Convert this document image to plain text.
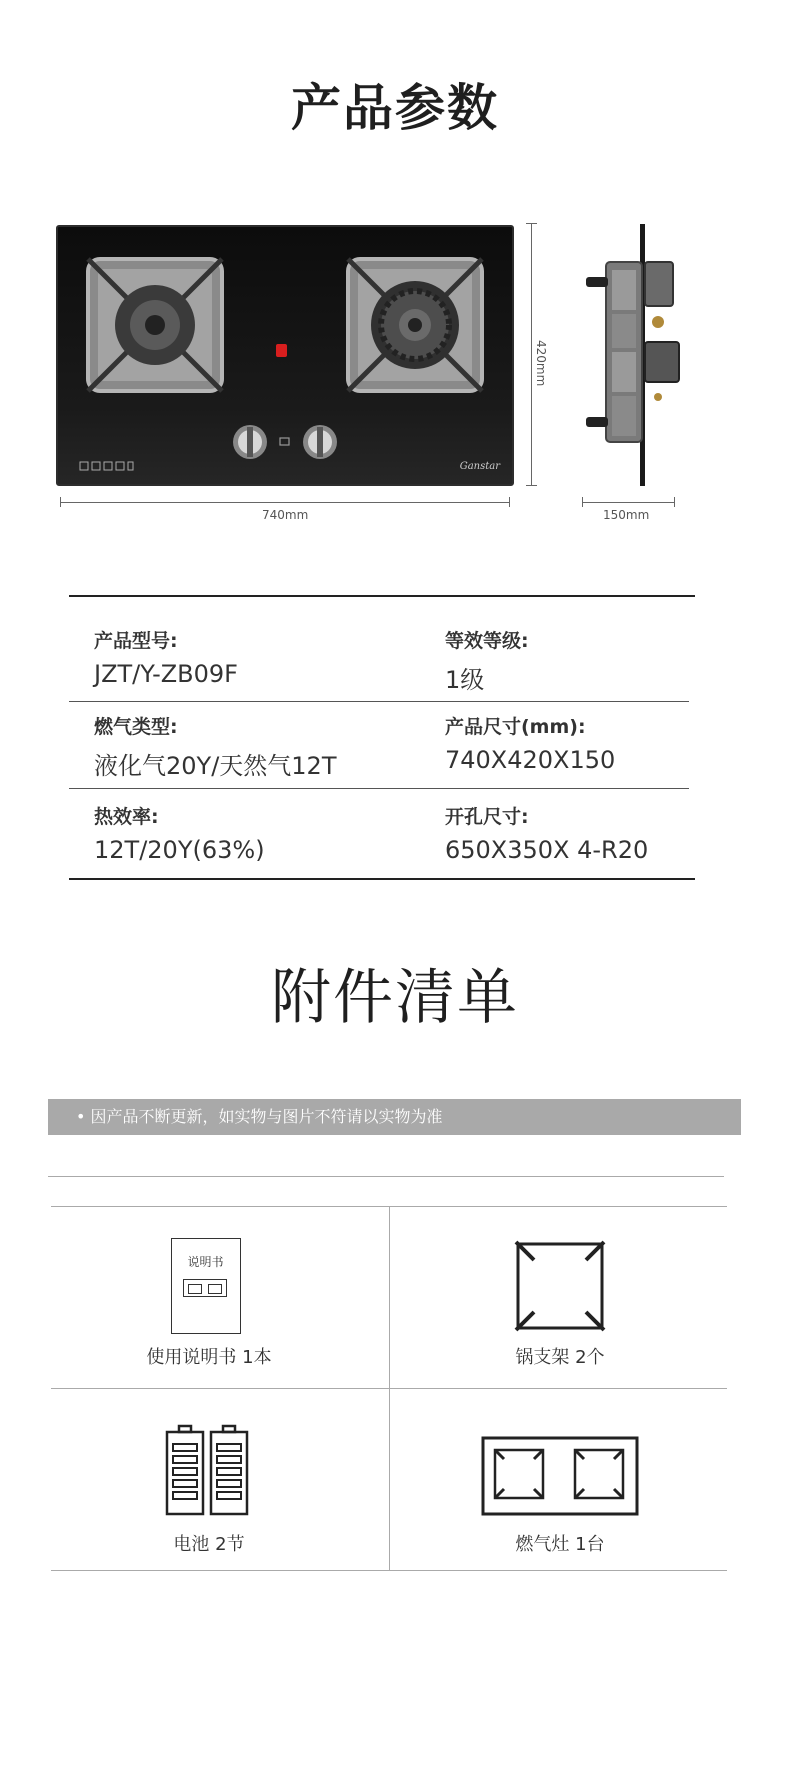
产品参数
Ganstar
420mm
740mm	150mm
产品型号:
JZT/Y-ZB09F
等效等级:
1级
燃气类型:
液化气20Y/天然气12T
产品尺寸(mm):
740X420X150
热效率:
12T/20Y(63%)
开孔尺寸:
650X350X 4-R20
附件清单
• 因产品不断更新，如实物与图片不符请以实物为准
说明书
使用说明书 1本	锅支架 2个
电池 2节	燃气灶 1台
